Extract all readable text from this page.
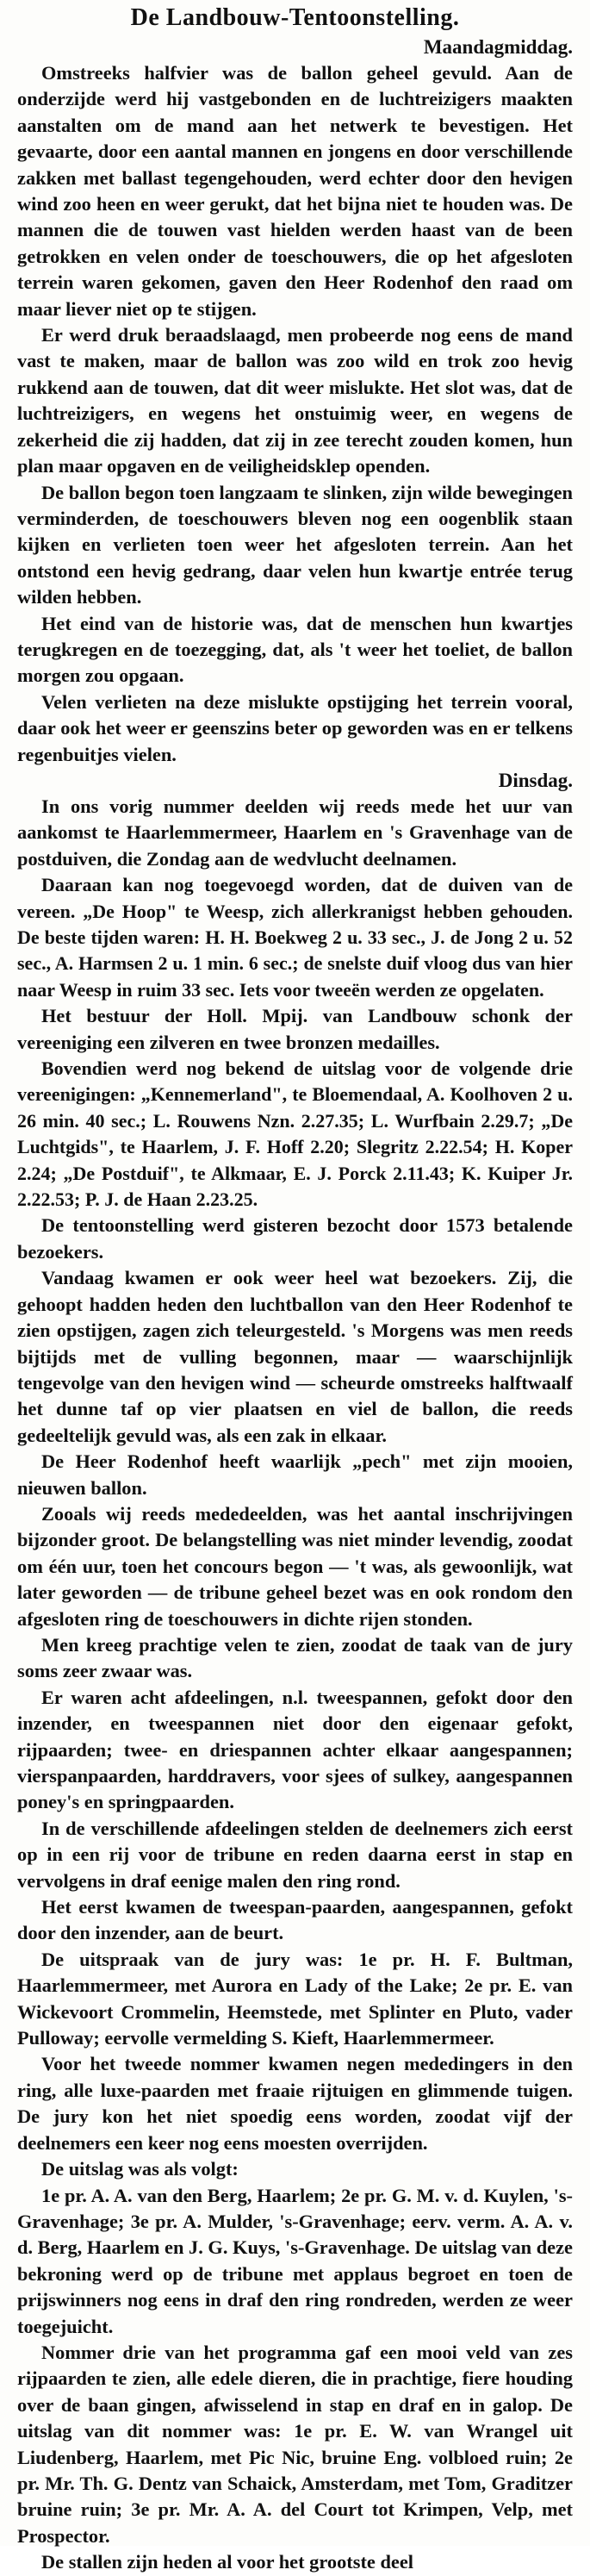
De Landbouw-Tentoonstelling.

Maandagmiddag.

Omstreeks halfvier was de ballon geheel gevuld. Aan de onderzijde werd hij vastgebonden en de luchtreizigers maakten aanstalten om de mand aan het netwerk te bevestigen. Het gevaarte, door een aantal mannen en jongens en door verschillende zakken met ballast tegengehouden, werd echter door den hevigen wind zoo heen en weer gerukt, dat het bijna niet te houden was. De mannen die de touwen vast hielden werden haast van de been getrokken en velen onder de toeschouwers, die op het afgesloten terrein waren gekomen, gaven den Heer Rodenhof den raad om maar liever niet op te stijgen.

Er werd druk beraadslaagd, men probeerde nog eens de mand vast te maken, maar de ballon was zoo wild en trok zoo hevig rukkend aan de touwen, dat dit weer mislukte. Het slot was, dat de luchtreizigers, en wegens het onstuimig weer, en wegens de zekerheid die zij hadden, dat zij in zee terecht zouden komen, hun plan maar opgaven en de veiligheidsklep openden.

De ballon begon toen langzaam te slinken, zijn wilde bewegingen verminderden, de toeschouwers bleven nog een oogenblik staan kijken en verlieten toen weer het afgesloten terrein. Aan het ontstond een hevig gedrang, daar velen hun kwartje entrée terug wilden hebben.

Het eind van de historie was, dat de menschen hun kwartjes terugkregen en de toezegging, dat, als 't weer het toeliet, de ballon morgen zou opgaan.

Velen verlieten na deze mislukte opstijging het terrein vooral, daar ook het weer er geenszins beter op geworden was en er telkens regenbuitjes vielen.

Dinsdag.

In ons vorig nummer deelden wij reeds mede het uur van aankomst te Haarlemmermeer, Haarlem en 's Gravenhage van de postduiven, die Zondag aan de wedvlucht deelnamen.

Daaraan kan nog toegevoegd worden, dat de duiven van de vereen. „De Hoop" te Weesp, zich allerkranigst hebben gehouden. De beste tijden waren: H. H. Boekweg 2 u. 33 sec., J. de Jong 2 u. 52 sec., A. Harmsen 2 u. 1 min. 6 sec.; de snelste duif vloog dus van hier naar Weesp in ruim 33 sec. Iets voor tweeën werden ze opgelaten.

Het bestuur der Holl. Mpij. van Landbouw schonk der vereeniging een zilveren en twee bronzen medailles.

Bovendien werd nog bekend de uitslag voor de volgende drie vereenigingen: „Kennemerland", te Bloemendaal, A. Koolhoven 2 u. 26 min. 40 sec.; L. Rouwens Nzn. 2.27.35; L. Wurfbain 2.29.7; „De Luchtgids", te Haarlem, J. F. Hoff 2.20; Slegritz 2.22.54; H. Koper 2.24; „De Postduif", te Alkmaar, E. J. Porck 2.11.43; K. Kuiper Jr. 2.22.53; P. J. de Haan 2.23.25.

De tentoonstelling werd gisteren bezocht door 1573 betalende bezoekers.

Vandaag kwamen er ook weer heel wat bezoekers. Zij, die gehoopt hadden heden den luchtballon van den Heer Rodenhof te zien opstijgen, zagen zich teleurgesteld. 's Morgens was men reeds bijtijds met de vulling begonnen, maar — waarschijnlijk tengevolge van den hevigen wind — scheurde omstreeks halftwaalf het dunne taf op vier plaatsen en viel de ballon, die reeds gedeeltelijk gevuld was, als een zak in elkaar.

De Heer Rodenhof heeft waarlijk „pech" met zijn mooien, nieuwen ballon.

Zooals wij reeds mededeelden, was het aantal inschrijvingen bijzonder groot. De belangstelling was niet minder levendig, zoodat om één uur, toen het concours begon — 't was, als gewoonlijk, wat later geworden — de tribune geheel bezet was en ook rondom den afgesloten ring de toeschouwers in dichte rijen stonden.

Men kreeg prachtige velen te zien, zoodat de taak van de jury soms zeer zwaar was.

Er waren acht afdeelingen, n.l. tweespannen, gefokt door den inzender, en tweespannen niet door den eigenaar gefokt, rijpaarden; twee- en driespannen achter elkaar aangespannen; vierspanpaarden, harddravers, voor sjees of sulkey, aangespannen poney's en springpaarden.

In de verschillende afdeelingen stelden de deelnemers zich eerst op in een rij voor de tribune en reden daarna eerst in stap en vervolgens in draf eenige malen den ring rond.

Het eerst kwamen de tweespan-paarden, aangespannen, gefokt door den inzender, aan de beurt.

De uitspraak van de jury was: 1e pr. H. F. Bultman, Haarlemmermeer, met Aurora en Lady of the Lake; 2e pr. E. van Wickevoort Crommelin, Heemstede, met Splinter en Pluto, vader Pulloway; eervolle vermelding S. Kieft, Haarlemmermeer.

Voor het tweede nommer kwamen negen mededingers in den ring, alle luxe-paarden met fraaie rijtuigen en glimmende tuigen. De jury kon het niet spoedig eens worden, zoodat vijf der deelnemers een keer nog eens moesten overrijden.

De uitslag was als volgt:

1e pr. A. A. van den Berg, Haarlem; 2e pr. G. M. v. d. Kuylen, 's-Gravenhage; 3e pr. A. Mulder, 's-Gravenhage; eerv. verm. A. A. v. d. Berg, Haarlem en J. G. Kuys, 's-Gravenhage. De uitslag van deze bekroning werd op de tribune met applaus begroet en toen de prijswinners nog eens in draf den ring rondreden, werden ze weer toegejuicht.

Nommer drie van het programma gaf een mooi veld van zes rijpaarden te zien, alle edele dieren, die in prachtige, fiere houding over de baan gingen, afwisselend in stap en draf en in galop. De uitslag van dit nommer was: 1e pr. E. W. van Wrangel uit Liudenberg, Haarlem, met Pic Nic, bruine Eng. volbloed ruin; 2e pr. Mr. Th. G. Dentz van Schaick, Amsterdam, met Tom, Graditzer bruine ruin; 3e pr. Mr. A. A. del Court tot Krimpen, Velp, met Prospector.

De stallen zijn heden al voor het grootste deel
